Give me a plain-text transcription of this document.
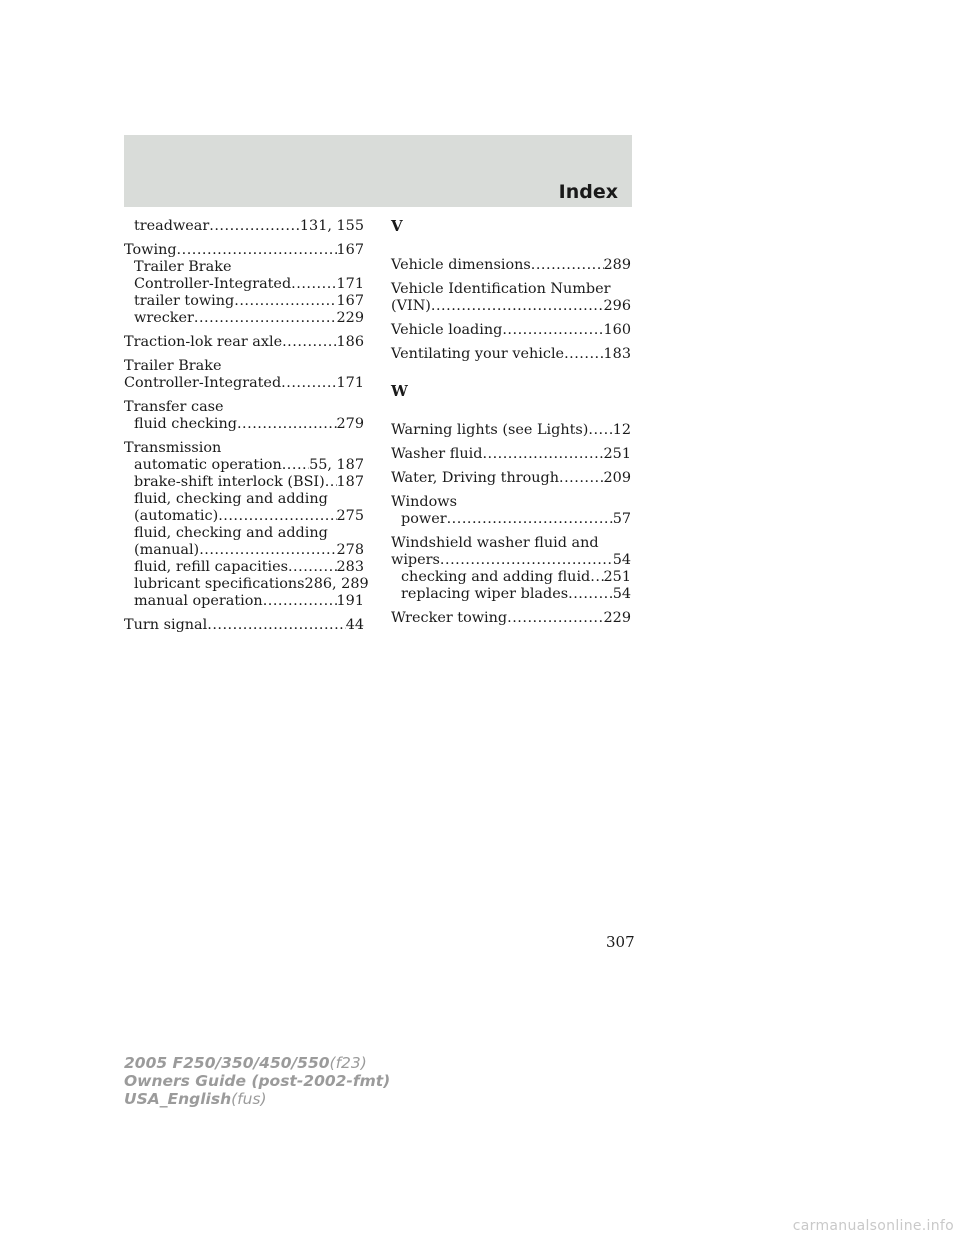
Index
treadwear .....	131, 155
Towing .....	167
Trailer Brake
Controller-Integrated .....	171
trailer towing .....	167
wrecker .....	229
Traction-lok rear axle .....	186
Trailer Brake
Controller-Integrated .....	171
Transfer case
fluid checking .....	279
Transmission
automatic operation ..... 55, 187
brake-shift interlock (BSI) ..... 187
fluid, checking and adding
(automatic) .....	275
fluid, checking and adding
(manual) .....	278
fluid, refill capacities .....	283
lubricant specifications 286, 289
manual operation .....	191
Turn signal .....	44
V
Vehicle dimensions .....	289
Vehicle Identification Number
(VIN) .....	296
Vehicle loading .....	160
Ventilating your vehicle .....	183
W
Warning lights (see Lights) ..... 12
Washer fluid .....	251
Water, Driving through .....	209
Windows
power .....	57
Windshield washer fluid and
wipers .....	54
checking and adding fluid ..... 251
replacing wiper blades .....	54
Wrecker towing .....	229
307
2005 F250/350/450/550(f23)
Owners Guide (post-2002-fmt)
USA_English(fus)
carmanualsonline.info
